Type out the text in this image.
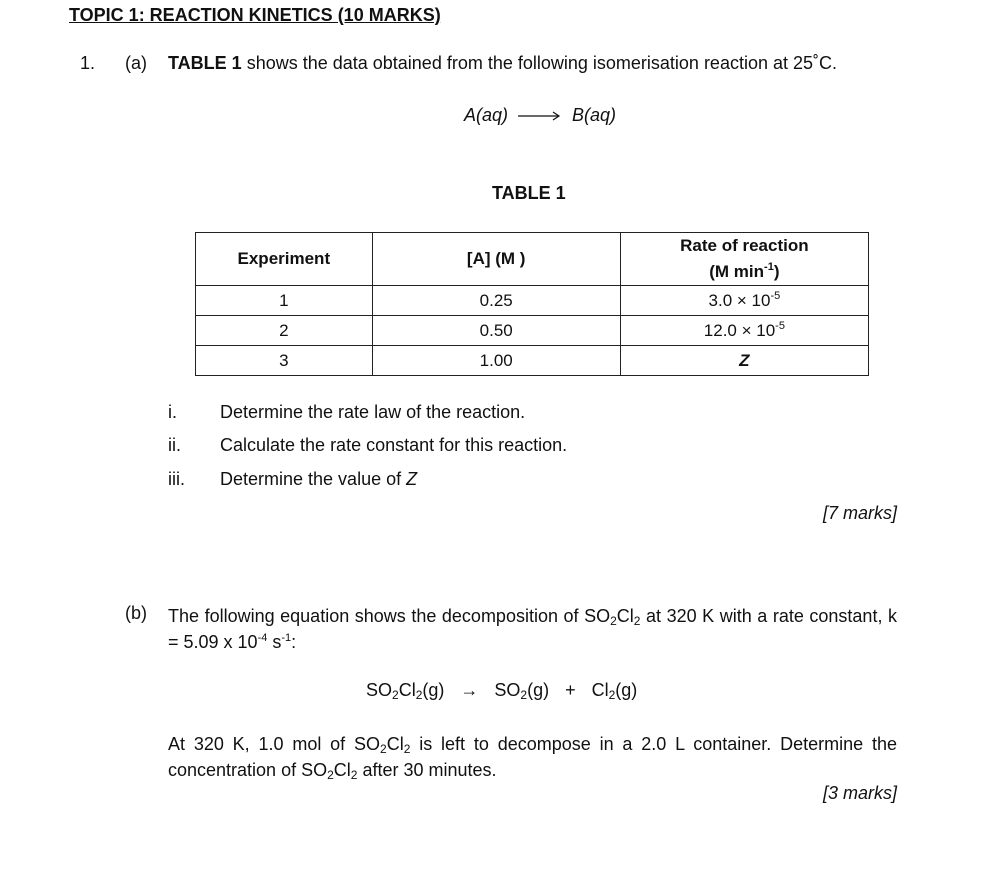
TOPIC 1: REACTION KINETICS (10 MARKS)
1. (a) TABLE 1 shows the data obtained from the following isomerisation reaction at 25˚C.
A(aq)	B(aq)
TABLE 1
Experiment	[A] (M )	Rate of reaction
(M $\min^{-1}$)
1	0.25	$3.0 \times 10^{-5}$
2	0.50	$12.0 \times 10^{-5}$
3	1.00	Z
i. Determine the rate law of the reaction.
ii. Calculate the rate constant for this reaction.
iii. Determine the value of Z
[7 marks]
(b) The following equation shows the decomposition of $SO_2Cl_2$ at 320 K with a rate constant, k = 5.09 x $10^{-4}$ $s^{-1}$:
$SO_2Cl_2(g) \to SO_2(g) + Cl_2(g)$
At 320 K, 1.0 mol of $SO_2Cl_2$ is left to decompose in a 2.0 L container. Determine the concentration of $SO_2Cl_2$ after 30 minutes.
[3 marks]
